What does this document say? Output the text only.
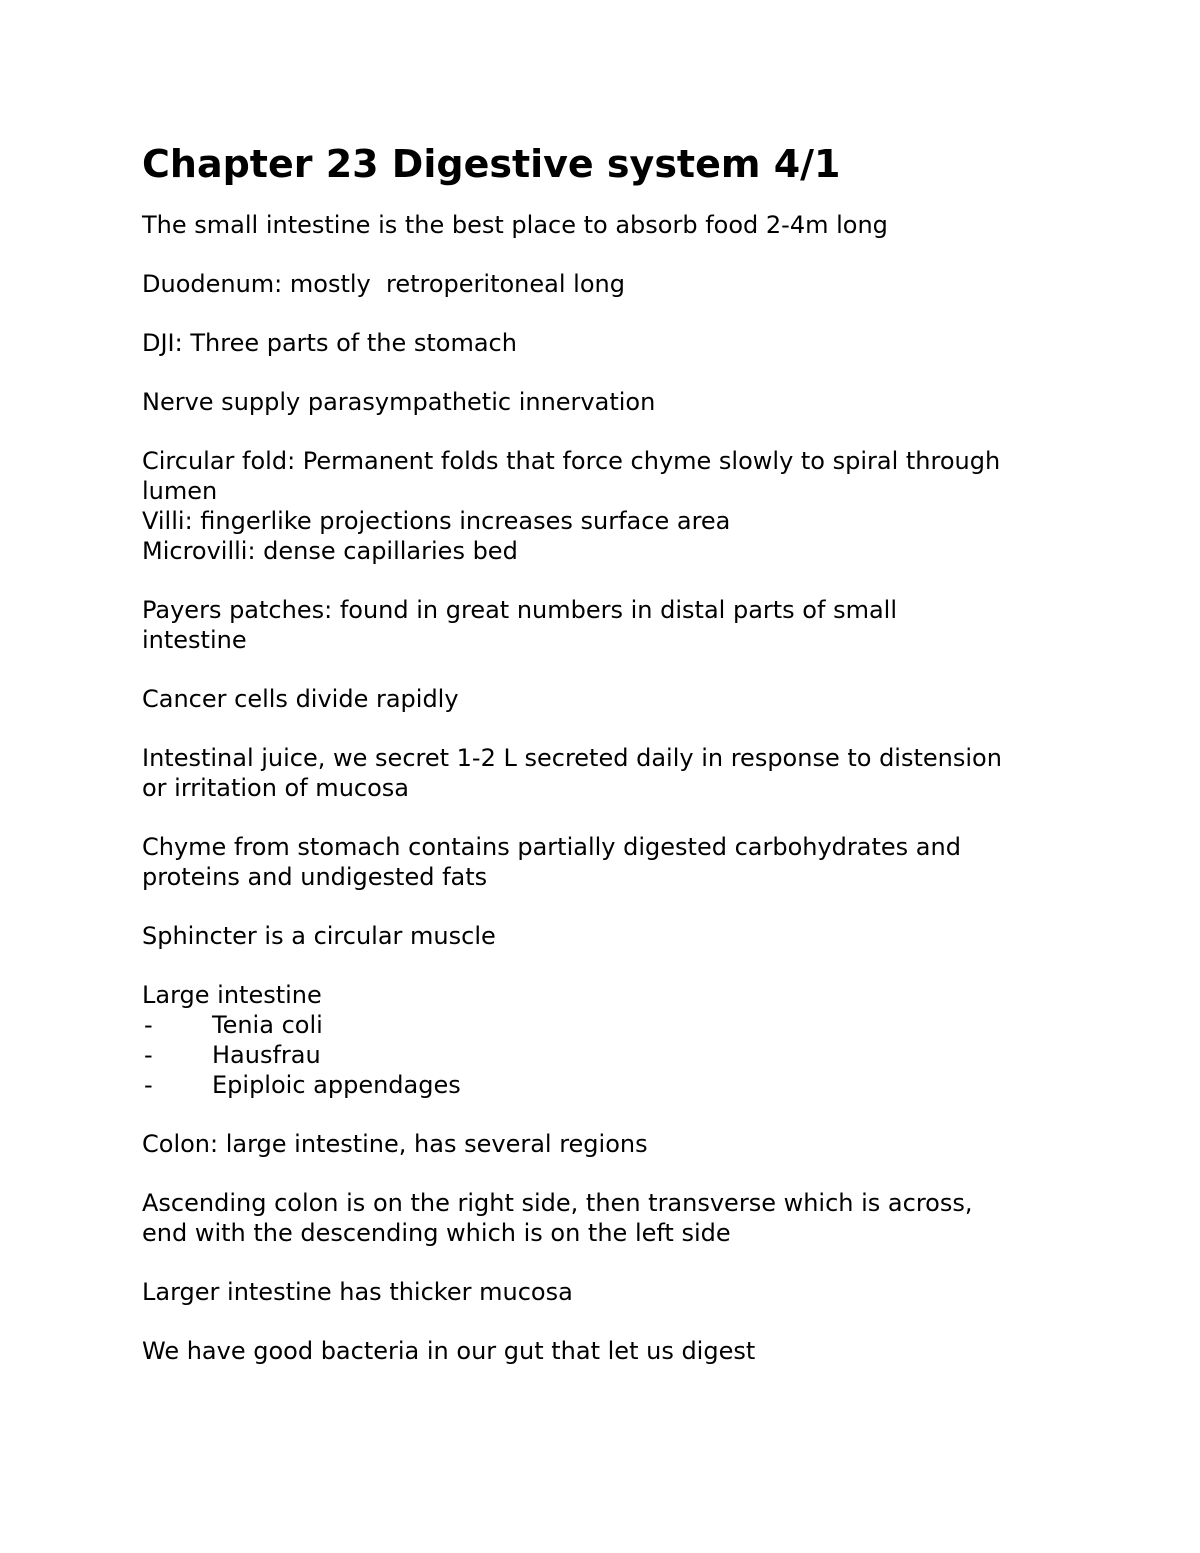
Chapter 23 Digestive system 4/1

The small intestine is the best place to absorb food 2-4m long

Duodenum: mostly  retroperitoneal long

DJI: Three parts of the stomach

Nerve supply parasympathetic innervation

Circular fold: Permanent folds that force chyme slowly to spiral through
lumen
Villi: fingerlike projections increases surface area
Microvilli: dense capillaries bed

Payers patches: found in great numbers in distal parts of small
intestine

Cancer cells divide rapidly

Intestinal juice, we secret 1-2 L secreted daily in response to distension
or irritation of mucosa

Chyme from stomach contains partially digested carbohydrates and
proteins and undigested fats

Sphincter is a circular muscle

Large intestine

- Tenia coli
- Hausfrau
- Epiploic appendages

Colon: large intestine, has several regions

Ascending colon is on the right side, then transverse which is across,
end with the descending which is on the left side

Larger intestine has thicker mucosa

We have good bacteria in our gut that let us digest
